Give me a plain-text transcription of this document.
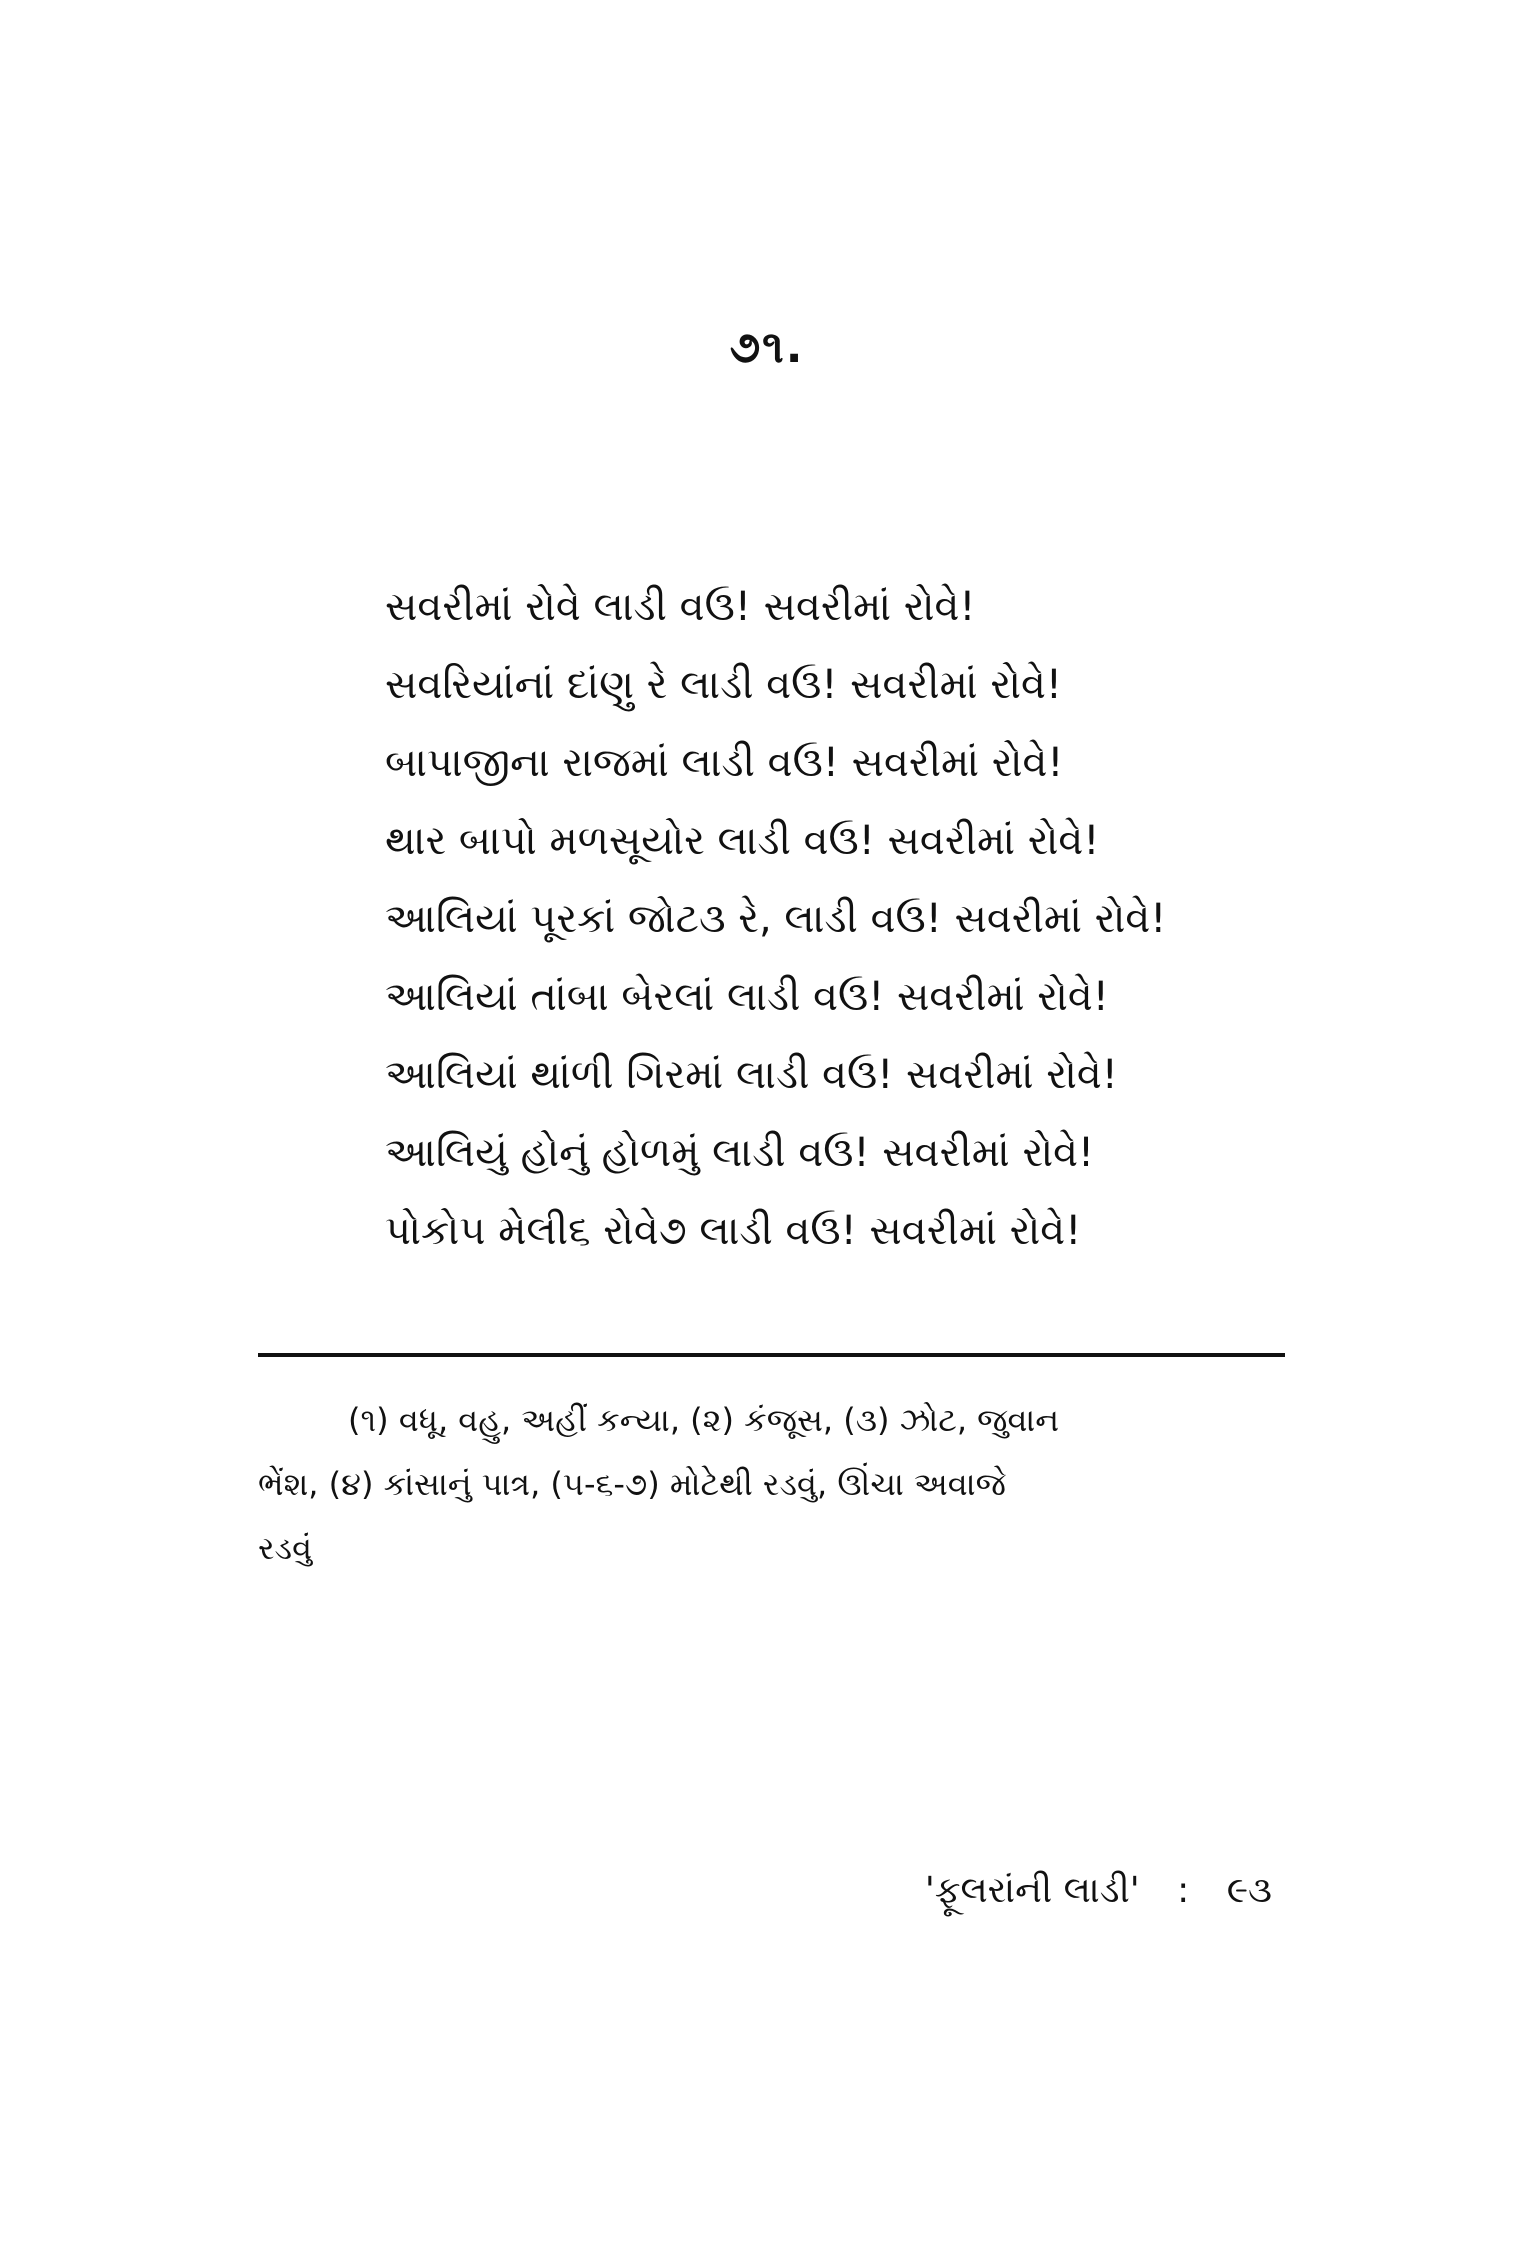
૭૧.
સવરીમાં રોવે લાડી વઉ! સવરીમાં રોવે!
સવરિયાંનાં દાંણુ રે લાડી વઉ! સવરીમાં રોવે!
બાપાજીના રાજમાં લાડી વઉ! સવરીમાં રોવે!
થાર બાપો મળસૂયોર લાડી વઉ! સવરીમાં રોવે!
આલિયાં પૂરકાં જોટ૩ રે, લાડી વઉ! સવરીમાં રોવે!
આલિયાં તાંબા બેરલાં લાડી વઉ! સવરીમાં રોવે!
આલિયાં થાંળી ગિરમાં લાડી વઉ! સવરીમાં રોવે!
આલિયું હોનું હોળમું લાડી વઉ! સવરીમાં રોવે!
પોકો૫ મેલી૬ રોવે૭ લાડી વઉ! સવરીમાં રોવે!

(૧) વધૂ, વહુ, અહીં કન્યા, (૨) કંજૂસ, (૩) ઝોટ, જુવાન
ભેંશ, (૪) કાંસાનું પાત્ર, (૫-૬-૭) મોટેથી રડવું, ઊંચા અવાજે
રડવું

'ફૂલરાંની લાડી' : ૯૩
